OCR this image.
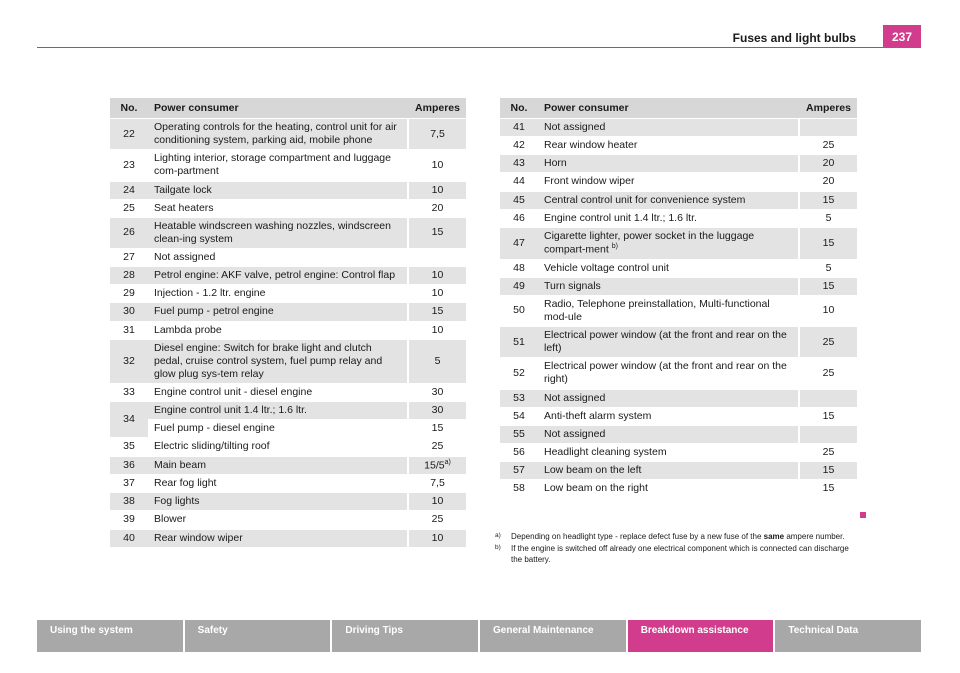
Fuses and light bulbs	237
No.	Power consumer	Amperes
22	Operating controls for the heating, control unit for air conditioning system, parking aid, mobile phone	7,5
23	Lighting interior, storage compartment and luggage com-partment	10
24	Tailgate lock	10
25	Seat heaters	20
26	Heatable windscreen washing nozzles, windscreen clean-ing system	15
27	Not assigned	
28	Petrol engine: AKF valve, petrol engine: Control flap	10
29	Injection - 1.2 ltr. engine	10
30	Fuel pump - petrol engine	15
31	Lambda probe	10
32	Diesel engine: Switch for brake light and clutch pedal, cruise control system, fuel pump relay and glow plug sys-tem relay	5
33	Engine control unit - diesel engine	30
34	Engine control unit 1.4 ltr.; 1.6 ltr.	30
	Fuel pump - diesel engine	15
35	Electric sliding/tilting roof	25
36	Main beam	15/5$^{a)}$
37	Rear fog light	7,5
38	Fog lights	10
39	Blower	25
40	Rear window wiper	10
No.	Power consumer	Amperes
41	Not assigned	
42	Rear window heater	25
43	Horn	20
44	Front window wiper	20
45	Central control unit for convenience system	15
46	Engine control unit 1.4 ltr.; 1.6 ltr.	5
47	Cigarette lighter, power socket in the luggage compart-ment $^{b)}$	15
48	Vehicle voltage control unit	5
49	Turn signals	15
50	Radio, Telephone preinstallation, Multi-functional mod-ule	10
51	Electrical power window (at the front and rear on the left)	25
52	Electrical power window (at the front and rear on the right)	25
53	Not assigned	
54	Anti-theft alarm system	15
55	Not assigned	
56	Headlight cleaning system	25
57	Low beam on the left	15
58	Low beam on the right	15
a)	Depending on headlight type - replace defect fuse by a new fuse of the same ampere number.
b)	If the engine is switched off already one electrical component which is connected can discharge the battery.
Using the system	Safety	Driving Tips	General Maintenance	Breakdown assistance	Technical Data
